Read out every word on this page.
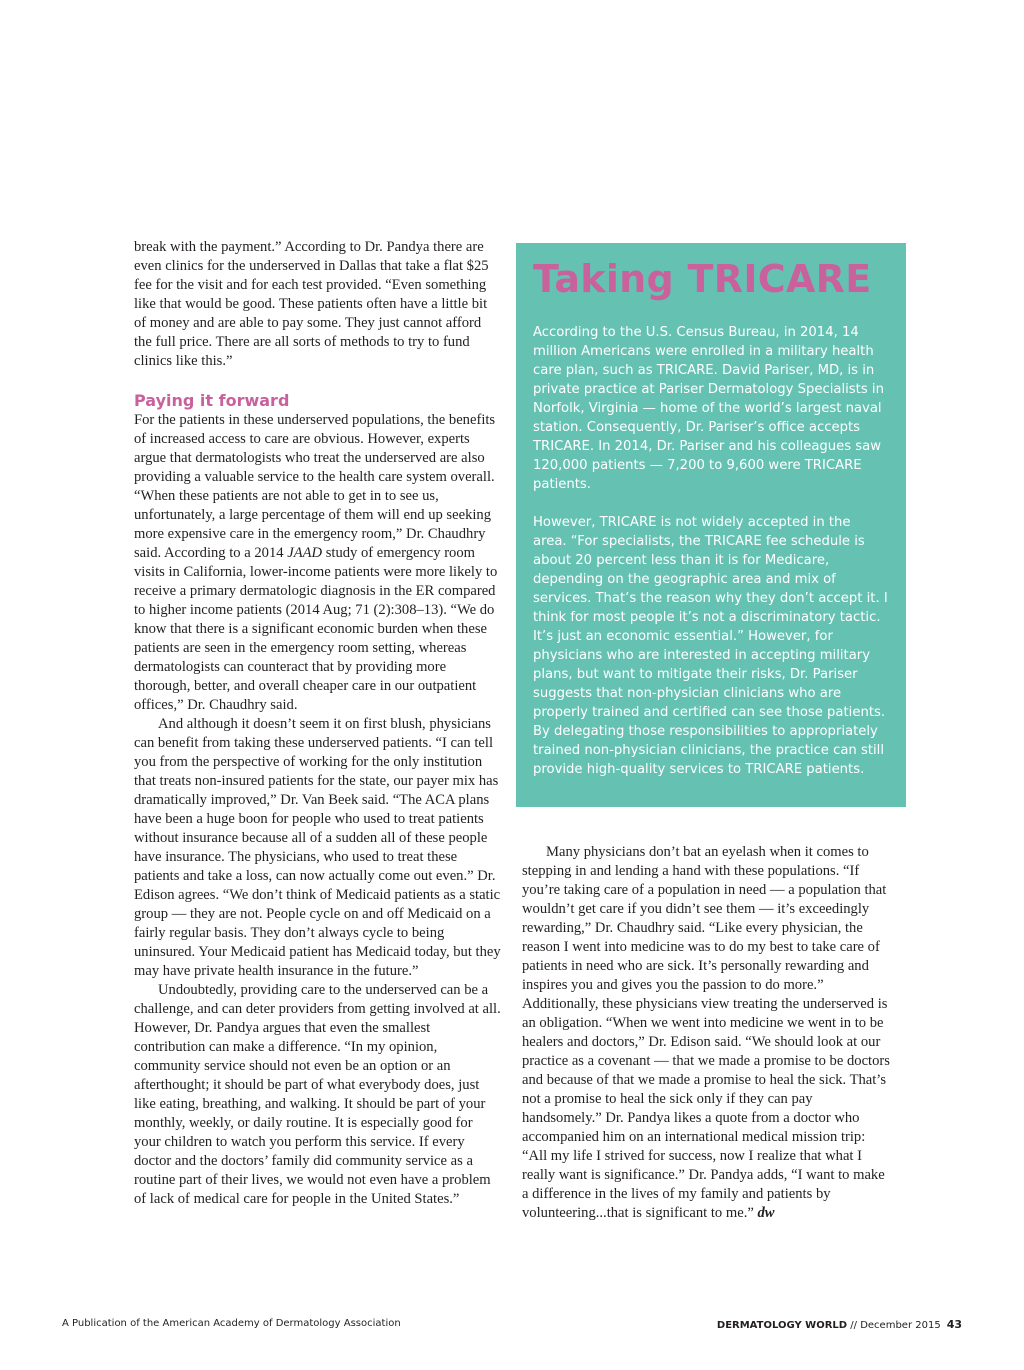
break with the payment.” According to Dr. Pandya there are even clinics for the underserved in Dallas that take a flat $25 fee for the visit and for each test provided. “Even something like that would be good. These patients often have a little bit of money and are able to pay some. They just cannot afford the full price. There are all sorts of methods to try to fund clinics like this.”

Paying it forward

For the patients in these underserved populations, the benefits of increased access to care are obvious. However, experts argue that dermatologists who treat the underserved are also providing a valuable service to the health care system overall. “When these patients are not able to get in to see us, unfortunately, a large percentage of them will end up seeking more expensive care in the emergency room,” Dr. Chaudhry said. According to a 2014 JAAD study of emergency room visits in California, lower-income patients were more likely to receive a primary dermatologic diagnosis in the ER compared to higher income patients (2014 Aug; 71 (2):308–13). “We do know that there is a significant economic burden when these patients are seen in the emergency room setting, whereas dermatologists can counteract that by providing more thorough, better, and overall cheaper care in our outpatient offices,” Dr. Chaudhry said.

And although it doesn’t seem it on first blush, physicians can benefit from taking these underserved patients. “I can tell you from the perspective of working for the only institution that treats non-insured patients for the state, our payer mix has dramatically improved,” Dr. Van Beek said. “The ACA plans have been a huge boon for people who used to treat patients without insurance because all of a sudden all of these people have insurance. The physicians, who used to treat these patients and take a loss, can now actually come out even.” Dr. Edison agrees. “We don’t think of Medicaid patients as a static group — they are not. People cycle on and off Medicaid on a fairly regular basis. They don’t always cycle to being uninsured. Your Medicaid patient has Medicaid today, but they may have private health insurance in the future.”

Undoubtedly, providing care to the underserved can be a challenge, and can deter providers from getting involved at all. However, Dr. Pandya argues that even the smallest contribution can make a difference. “In my opinion, community service should not even be an option or an afterthought; it should be part of what everybody does, just like eating, breathing, and walking. It should be part of your monthly, weekly, or daily routine. It is especially good for your children to watch you perform this service. If every doctor and the doctors’ family did community service as a routine part of their lives, we would not even have a problem of lack of medical care for people in the United States.”

Taking TRICARE

According to the U.S. Census Bureau, in 2014, 14 million Americans were enrolled in a military health care plan, such as TRICARE. David Pariser, MD, is in private practice at Pariser Dermatology Specialists in Norfolk, Virginia — home of the world’s largest naval station. Consequently, Dr. Pariser’s office accepts TRICARE. In 2014, Dr. Pariser and his colleagues saw 120,000 patients — 7,200 to 9,600 were TRICARE patients.

However, TRICARE is not widely accepted in the area. “For specialists, the TRICARE fee schedule is about 20 percent less than it is for Medicare, depending on the geographic area and mix of services. That’s the reason why they don’t accept it. I think for most people it’s not a discriminatory tactic. It’s just an economic essential.” However, for physicians who are interested in accepting military plans, but want to mitigate their risks, Dr. Pariser suggests that non-physician clinicians who are properly trained and certified can see those patients. By delegating those responsibilities to appropriately trained non-physician clinicians, the practice can still provide high-quality services to TRICARE patients.

Many physicians don’t bat an eyelash when it comes to stepping in and lending a hand with these populations. “If you’re taking care of a population in need — a population that wouldn’t get care if you didn’t see them — it’s exceedingly rewarding,” Dr. Chaudhry said. “Like every physician, the reason I went into medicine was to do my best to take care of patients in need who are sick. It’s personally rewarding and inspires you and gives you the passion to do more.” Additionally, these physicians view treating the underserved is an obligation. “When we went into medicine we went in to be healers and doctors,” Dr. Edison said. “We should look at our practice as a covenant — that we made a promise to be doctors and because of that we made a promise to heal the sick. That’s not a promise to heal the sick only if they can pay handsomely.” Dr. Pandya likes a quote from a doctor who accompanied him on an international medical mission trip: “All my life I strived for success, now I realize that what I really want is significance.” Dr. Pandya adds, “I want to make a difference in the lives of my family and patients by volunteering...that is significant to me.” dw

A Publication of the American Academy of Dermatology Association	DERMATOLOGY WORLD // December 2015 43
